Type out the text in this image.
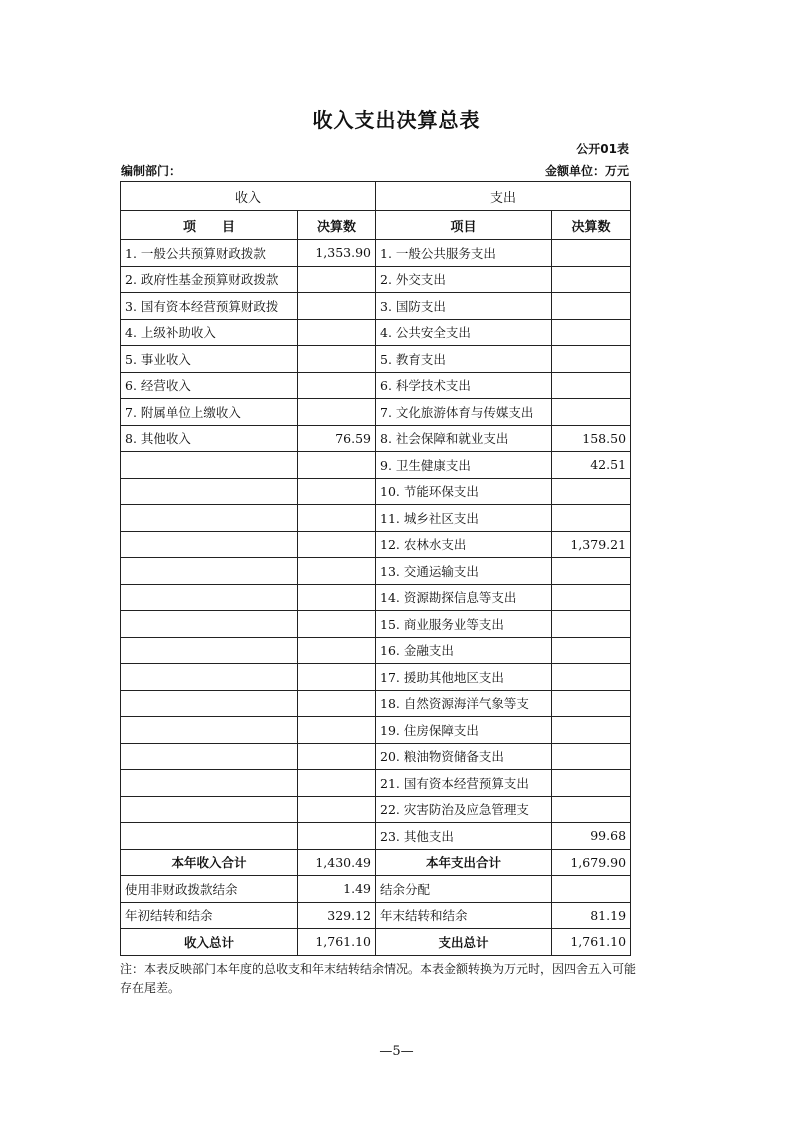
收入支出决算总表
公开01表
编制部门：	金额单位：万元
收入		支出	
项　　目	决算数	项目	决算数
1. 一般公共预算财政拨款	1,353.90	1. 一般公共服务支出	
2. 政府性基金预算财政拨款		2. 外交支出	
3. 国有资本经营预算财政拨		3. 国防支出	
4. 上级补助收入		4. 公共安全支出	
5. 事业收入		5. 教育支出	
6. 经营收入		6. 科学技术支出	
7. 附属单位上缴收入		7. 文化旅游体育与传媒支出	
8. 其他收入	76.59	8. 社会保障和就业支出	158.50
		9. 卫生健康支出	42.51
		10. 节能环保支出	
		11. 城乡社区支出	
		12. 农林水支出	1,379.21
		13. 交通运输支出	
		14. 资源勘探信息等支出	
		15. 商业服务业等支出	
		16. 金融支出	
		17. 援助其他地区支出	
		18. 自然资源海洋气象等支	
		19. 住房保障支出	
		20. 粮油物资储备支出	
		21. 国有资本经营预算支出	
		22. 灾害防治及应急管理支	
		23. 其他支出	99.68
本年收入合计	1,430.49	本年支出合计	1,679.90
使用非财政拨款结余	1.49	结余分配	
年初结转和结余	329.12	年末结转和结余	81.19
收入总计	1,761.10	支出总计	1,761.10
注：本表反映部门本年度的总收支和年末结转结余情况。本表金额转换为万元时，因四舍五入可能存在尾差。
—5—
